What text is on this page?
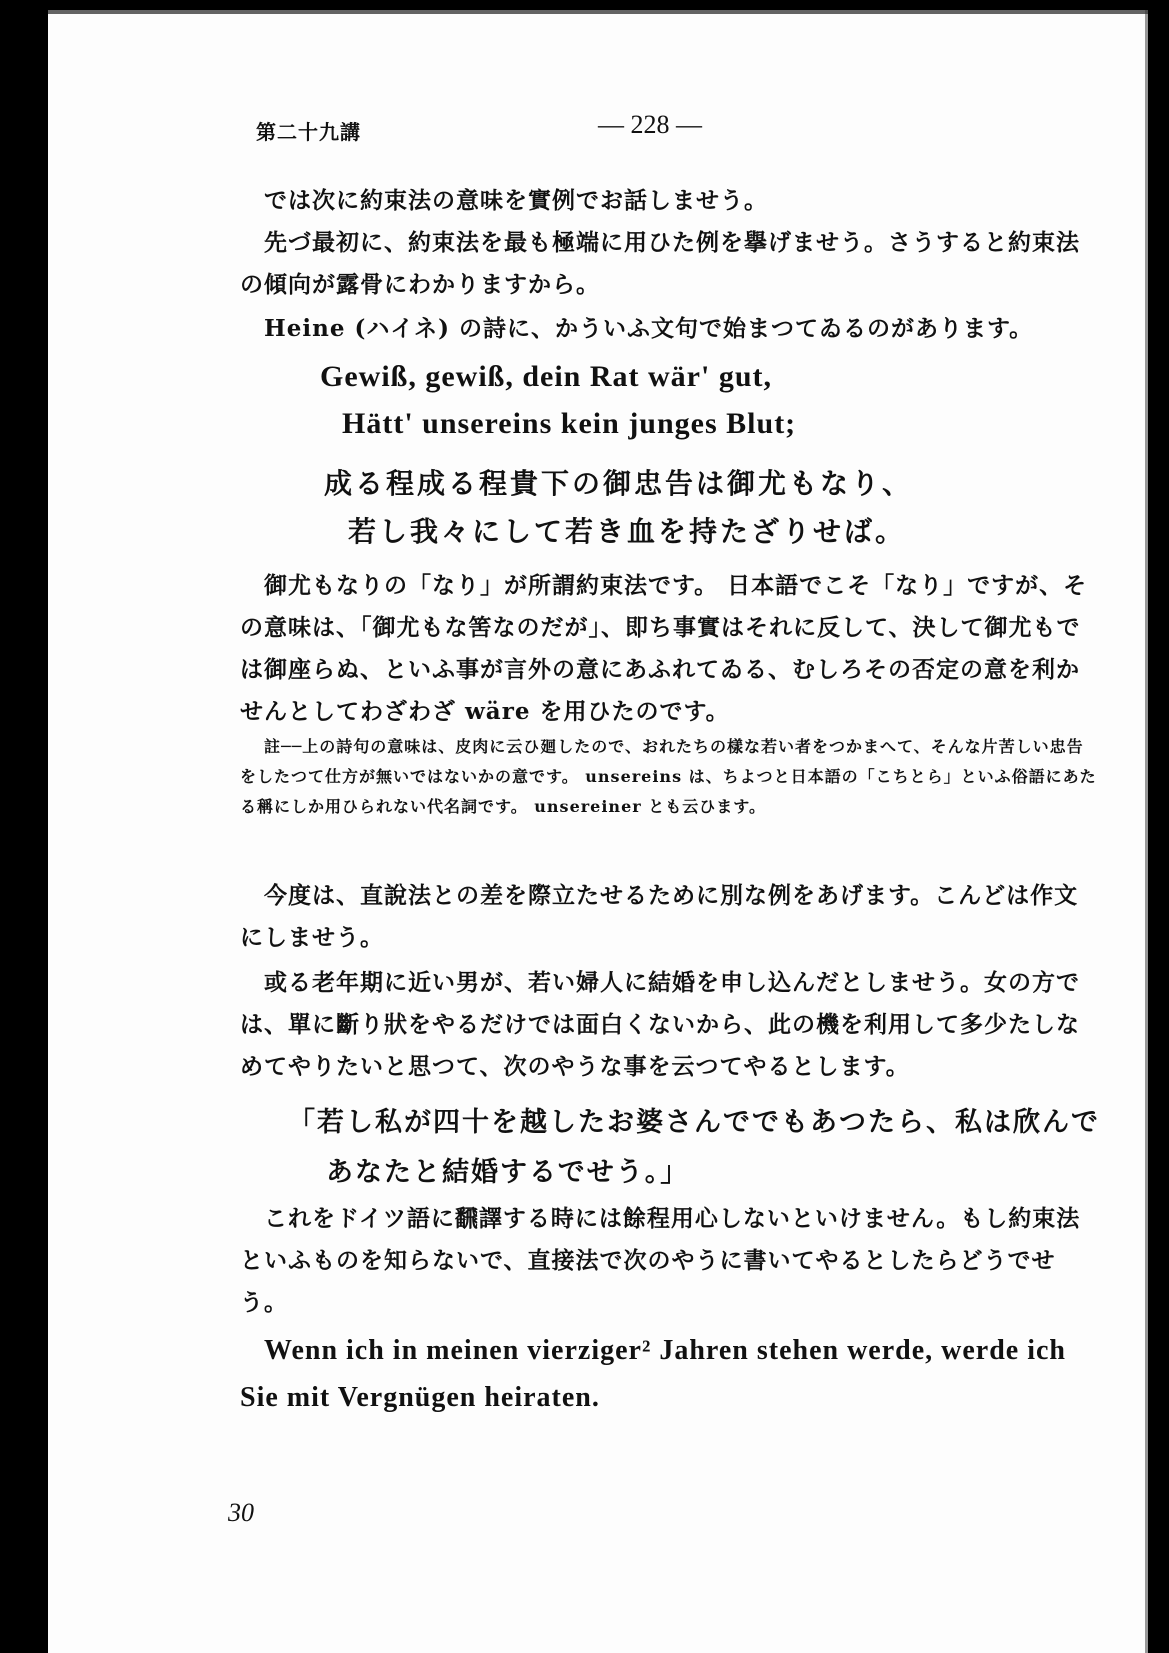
第二十九講	— 228 —
では次に約束法の意味を實例でお話しませう。
先づ最初に、約束法を最も極端に用ひた例を擧げませう。さうすると約束法の傾向が露骨にわかりますから。
Heine (ハイネ) の詩に、かういふ文句で始まつてゐるのがあります。
Gewiß, gewiß, dein Rat wär' gut,
Hätt' unsereins kein junges Blut;
成る程成る程貴下の御忠告は御尤もなり、
若し我々にして若き血を持たざりせば。
御尤もなりの「なり」が所謂約束法です。 日本語でこそ「なり」ですが、その意味は、「御尤もな筈なのだが」、即ち事實はそれに反して、決して御尤もでは御座らぬ、といふ事が言外の意にあふれてゐる、むしろその否定の意を利かせんとしてわざわざ wäre を用ひたのです。
註──上の詩句の意味は、皮肉に云ひ廻したので、おれたちの樣な若い者をつかまへて、そんな片苦しい忠告をしたつて仕方が無いではないかの意です。 unsereins は、ちよつと日本語の「こちとら」といふ俗語にあたる稱にしか用ひられない代名詞です。 unsereiner とも云ひます。
今度は、直說法との差を際立たせるために別な例をあげます。こんどは作文にしませう。
或る老年期に近い男が、若い婦人に結婚を申し込んだとしませう。女の方では、單に斷り狀をやるだけでは面白くないから、此の機を利用して多少たしなめてやりたいと思つて、次のやうな事を云つてやるとします。
「若し私が四十を越したお婆さんででもあつたら、私は欣んで
あなたと結婚するでせう。」
これをドイツ語に飜譯する時には餘程用心しないといけません。もし約束法といふものを知らないで、直接法で次のやうに書いてやるとしたらどうでせう。
Wenn ich in meinen vierziger² Jahren stehen werde, werde ich
Sie mit Vergnügen heiraten.
30
